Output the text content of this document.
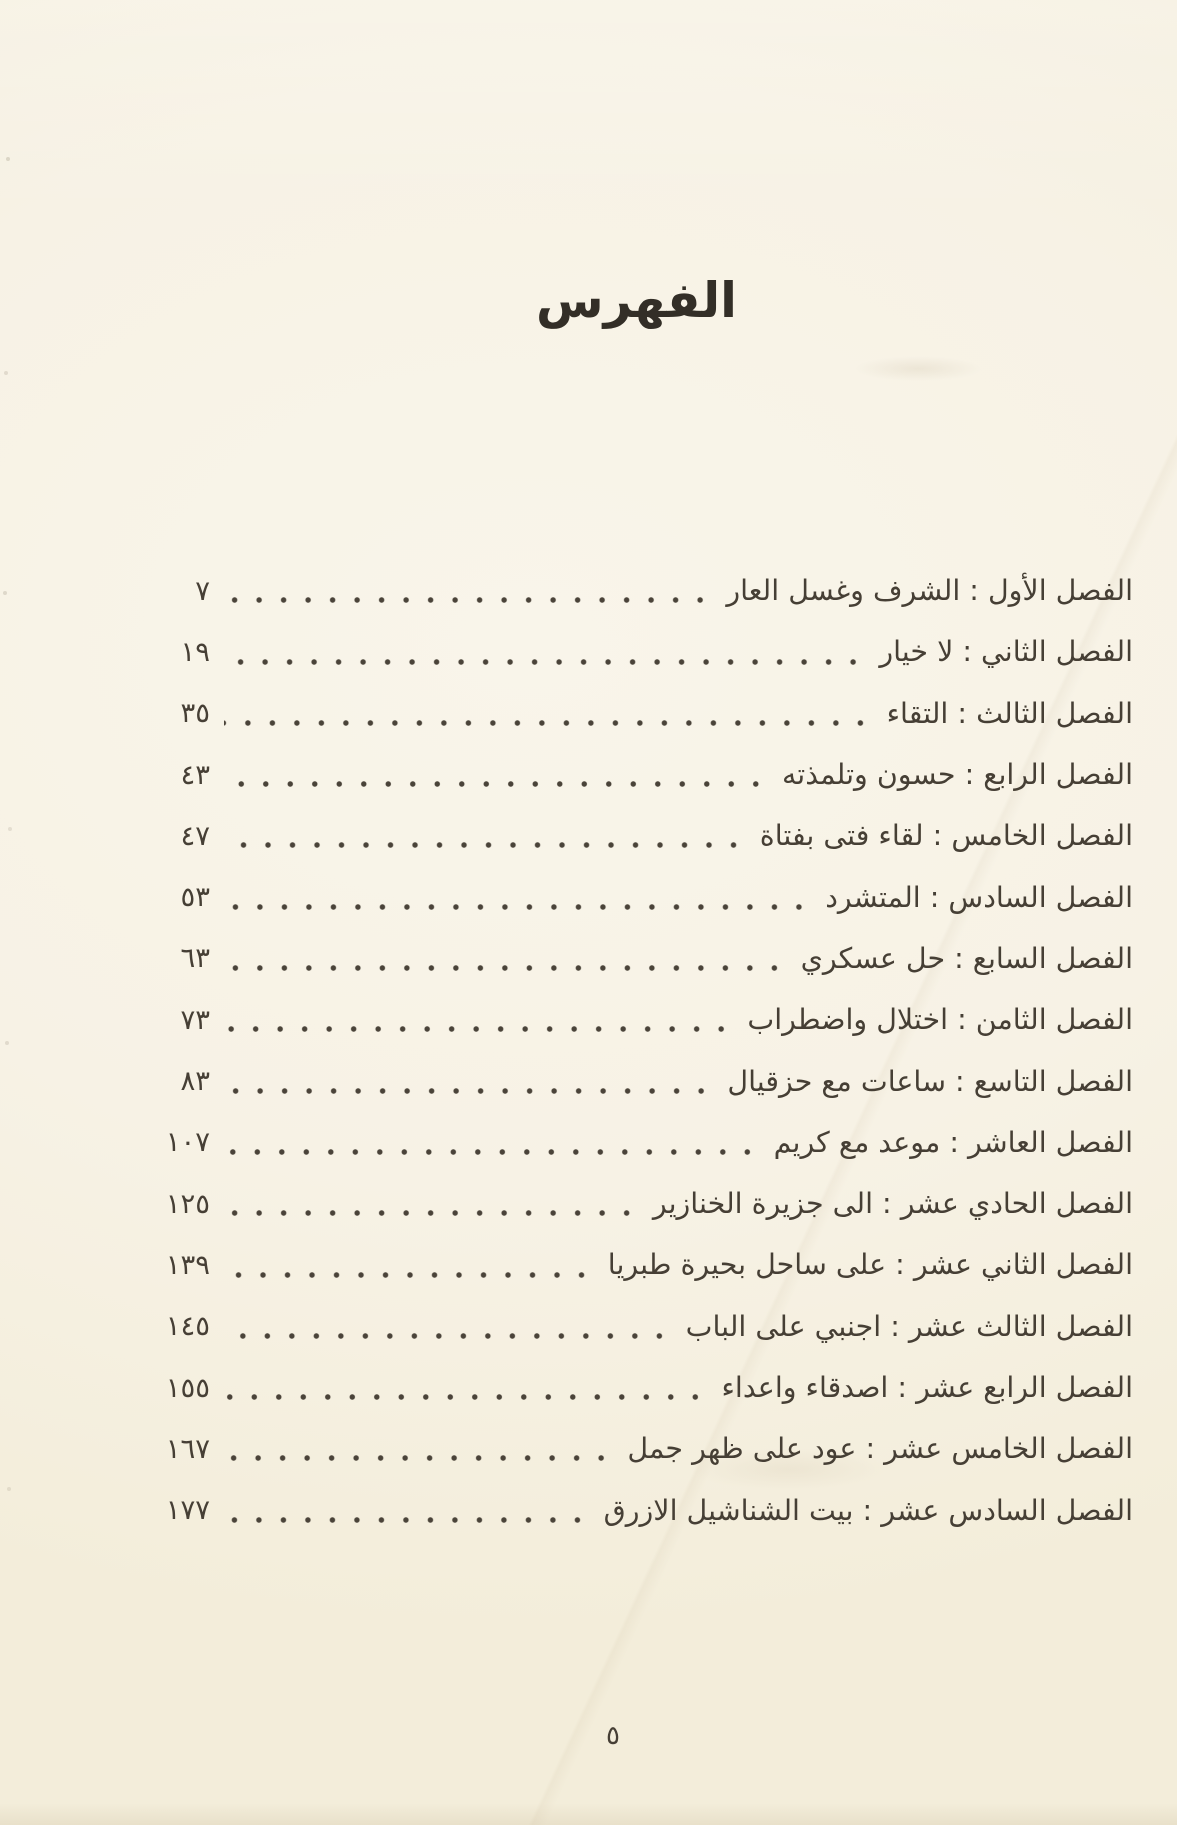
الفهرس
الفصل الأول : الشرف وغسل العار
٧
الفصل الثاني : لا خيار
١٩
الفصل الثالث : التقاء
٣٥
الفصل الرابع : حسون وتلمذته
٤٣
الفصل الخامس : لقاء فتى بفتاة
٤٧
الفصل السادس : المتشرد
٥٣
الفصل السابع : حل عسكري
٦٣
الفصل الثامن : اختلال واضطراب
٧٣
الفصل التاسع : ساعات مع حزقيال
٨٣
الفصل العاشر : موعد مع كريم
١٠٧
الفصل الحادي عشر : الى جزيرة الخنازير
١٢٥
الفصل الثاني عشر : على ساحل بحيرة طبريا
١٣٩
الفصل الثالث عشر : اجنبي على الباب
١٤٥
الفصل الرابع عشر : اصدقاء واعداء
١٥٥
الفصل الخامس عشر : عود على ظهر جمل
١٦٧
الفصل السادس عشر : بيت الشناشيل الازرق
١٧٧
٥
